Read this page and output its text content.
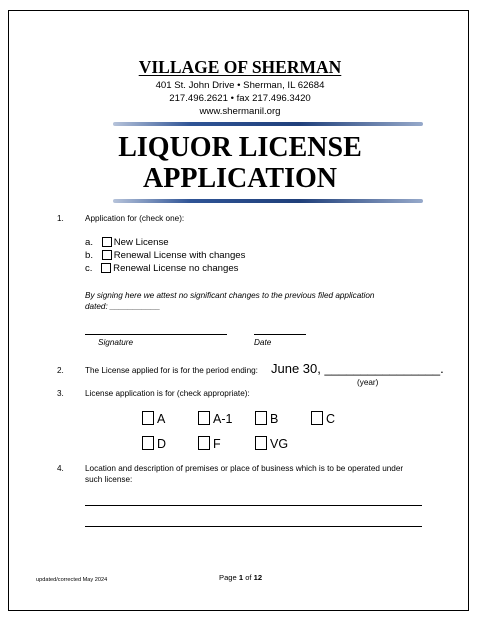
VILLAGE OF SHERMAN
401 St. John Drive • Sherman, IL 62684
217.496.2621 • fax 217.496.3420
www.shermanil.org
LIQUOR LICENSE
APPLICATION
1.	Application for (check one):
a. New License
b. Renewal License with changes
c. Renewal License no changes
By signing here we attest no significant changes to the previous filed application
dated: ___________
Signature	Date
2.	The License applied for is for the period ending: June 30, ________________.
(year)
3.	License application is for (check appropriate):
A	A-1	B	C
D	F	VG
4.	Location and description of premises or place of business which is to be operated under
such license:
updated/corrected May 2024	Page 1 of 12
